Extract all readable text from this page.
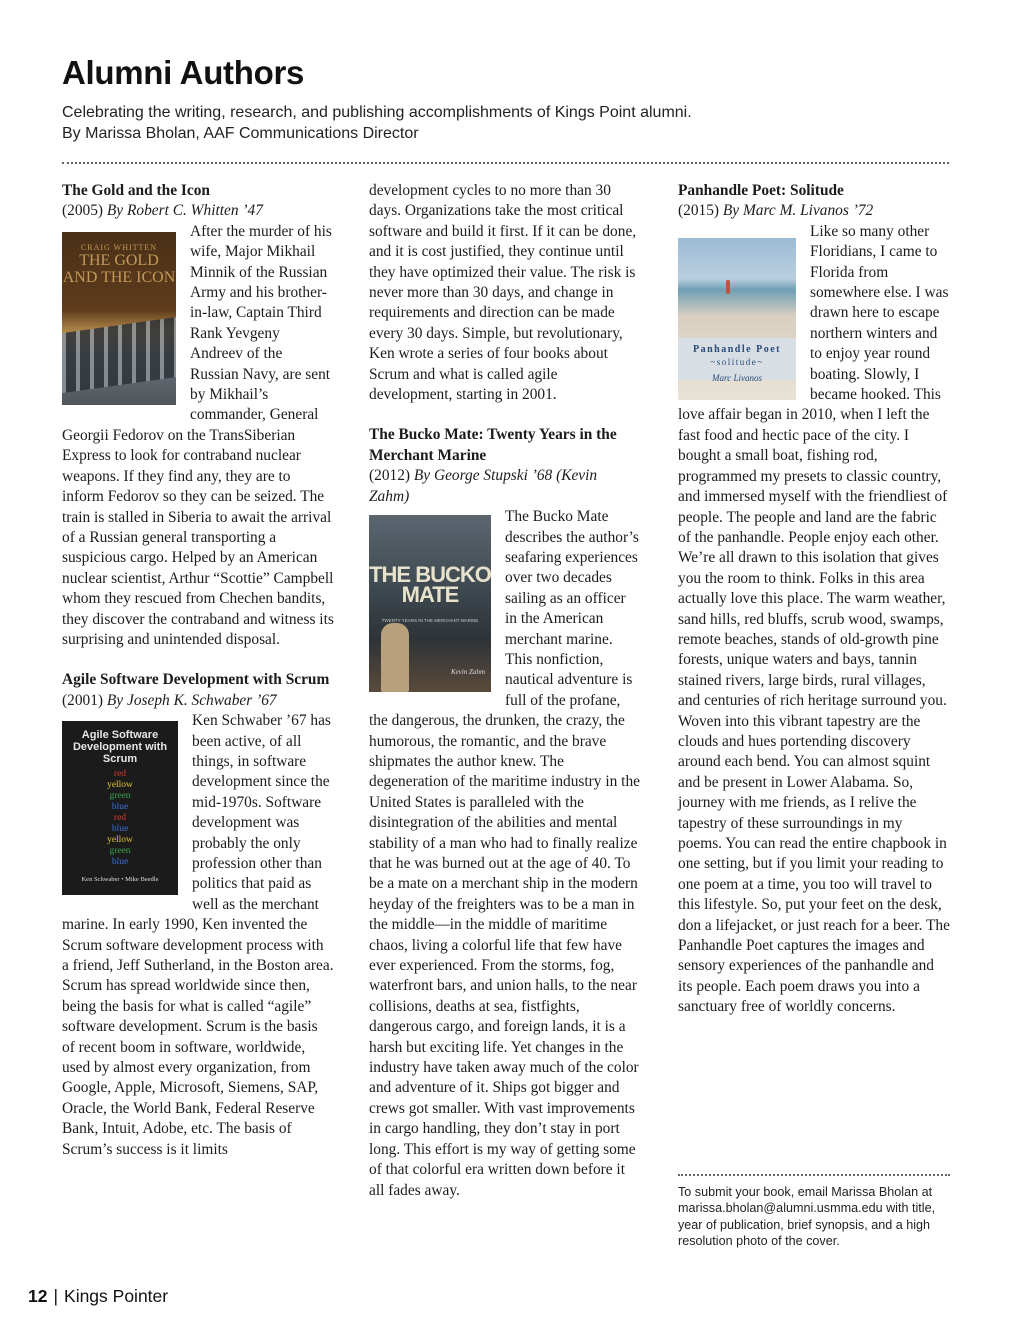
Alumni Authors
Celebrating the writing, research, and publishing accomplishments of Kings Point alumni.
By Marissa Bholan, AAF Communications Director
The Gold and the Icon
(2005) By Robert C. Whitten ’47
CRAIG WHITTEN
THE GOLD AND THE ICON

After the murder of his wife, Major Mikhail Minnik of the Russian Army and his brother-in-law, Captain Third Rank Yevgeny Andreev of the Russian Navy, are sent by Mikhail’s commander, General Georgii Fedorov on the TransSiberian Express to look for contraband nuclear weapons. If they find any, they are to inform Fedorov so they can be seized. The train is stalled in Siberia to await the arrival of a Russian general transporting a suspicious cargo. Helped by an American nuclear scientist, Arthur “Scottie” Campbell whom they rescued from Chechen bandits, they discover the contraband and witness its surprising and unintended disposal.

Agile Software Development with Scrum
(2001) By Joseph K. Schwaber ’67
Agile Software Development with Scrum
red
yellow
green
blue
red
blue
yellow
green
blue
Ken Schwaber • Mike Beedle

Ken Schwaber ’67 has been active, of all things, in software development since the mid-1970s. Software development was probably the only profession other than politics that paid as well as the merchant marine. In early 1990, Ken invented the Scrum software development process with a friend, Jeff Sutherland, in the Boston area. Scrum has spread worldwide since then, being the basis for what is called “agile” software development. Scrum is the basis of recent boom in software, worldwide, used by almost every organization, from Google, Apple, Microsoft, Siemens, SAP, Oracle, the World Bank, Federal Reserve Bank, Intuit, Adobe, etc. The basis of Scrum’s success is it limits

development cycles to no more than 30 days. Organizations take the most critical software and build it first. If it can be done, and it is cost justified, they continue until they have optimized their value. The risk is never more than 30 days, and change in requirements and direction can be made every 30 days. Simple, but revolutionary, Ken wrote a series of four books about Scrum and what is called agile development, starting in 2001.

The Bucko Mate: Twenty Years in the Merchant Marine
(2012) By George Stupski ’68 (Kevin Zahm)
THE BUCKO MATE
TWENTY YEARS IN THE MERCHANT MARINE
Kevin Zahm

The Bucko Mate describes the author’s seafaring experiences over two decades sailing as an officer in the American merchant marine. This nonfiction, nautical adventure is full of the profane, the dangerous, the drunken, the crazy, the humorous, the romantic, and the brave shipmates the author knew. The degeneration of the maritime industry in the United States is paralleled with the disintegration of the abilities and mental stability of a man who had to finally realize that he was burned out at the age of 40. To be a mate on a merchant ship in the modern heyday of the freighters was to be a man in the middle—in the middle of maritime chaos, living a colorful life that few have ever experienced. From the storms, fog, waterfront bars, and union halls, to the near collisions, deaths at sea, fistfights, dangerous cargo, and foreign lands, it is a harsh but exciting life. Yet changes in the industry have taken away much of the color and adventure of it. Ships got bigger and crews got smaller. With vast improvements in cargo handling, they don’t stay in port long. This effort is my way of getting some of that colorful era written down before it all fades away.

Panhandle Poet: Solitude
(2015) By Marc M. Livanos ’72
Panhandle Poet
~solitude~
Marc Livanos

Like so many other Floridians, I came to Florida from somewhere else. I was drawn here to escape northern winters and to enjoy year round boating. Slowly, I became hooked. This love affair began in 2010, when I left the fast food and hectic pace of the city. I bought a small boat, fishing rod, programmed my presets to classic country, and immersed myself with the friendliest of people. The people and land are the fabric of the panhandle. People enjoy each other. We’re all drawn to this isolation that gives you the room to think. Folks in this area actually love this place. The warm weather, sand hills, red bluffs, scrub wood, swamps, remote beaches, stands of old-growth pine forests, unique waters and bays, tannin stained rivers, large birds, rural villages, and centuries of rich heritage surround you. Woven into this vibrant tapestry are the clouds and hues portending discovery around each bend. You can almost squint and be present in Lower Alabama. So, journey with me friends, as I relive the tapestry of these surroundings in my poems. You can read the entire chapbook in one setting, but if you limit your reading to one poem at a time, you too will travel to this lifestyle. So, put your feet on the desk, don a lifejacket, or just reach for a beer. The Panhandle Poet captures the images and sensory experiences of the panhandle and its people. Each poem draws you into a sanctuary free of worldly concerns.

To submit your book, email Marissa Bholan at marissa.bholan@alumni.usmma.edu with title, year of publication, brief synopsis, and a high resolution photo of the cover.
12 | Kings Pointer
